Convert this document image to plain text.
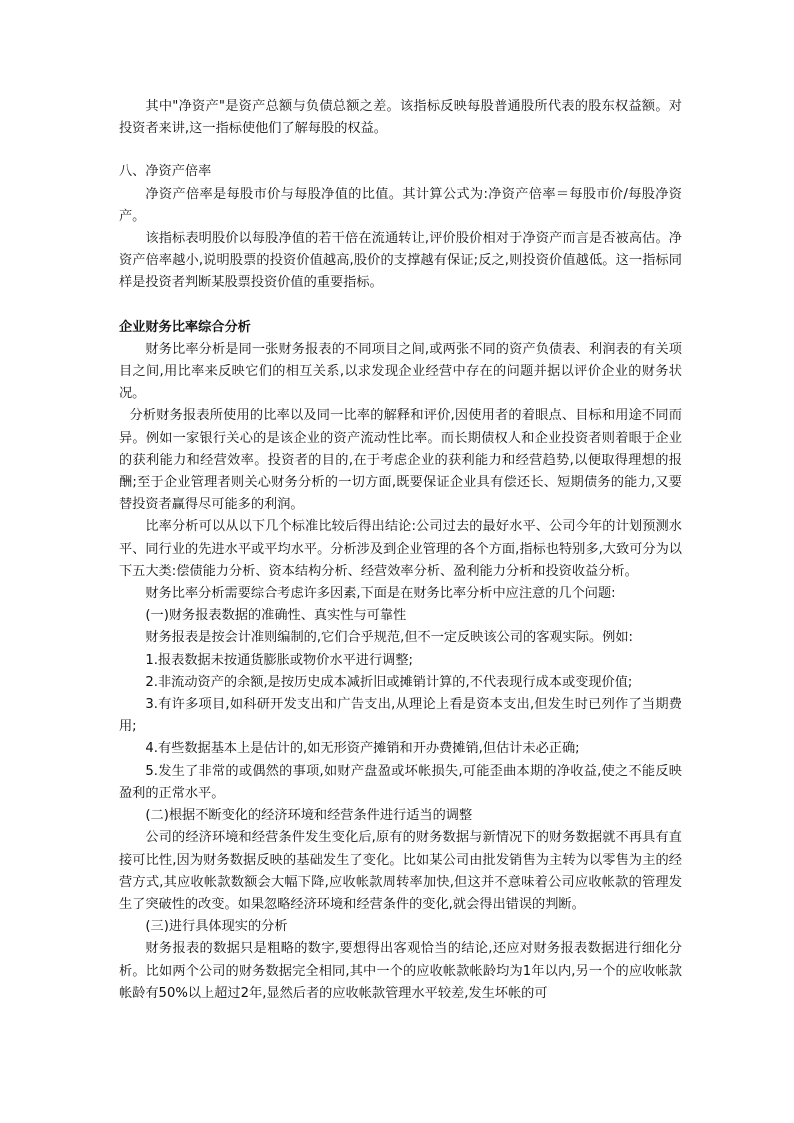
其中"净资产"是资产总额与负债总额之差。该指标反映每股普通股所代表的股东权益额。对投资者来讲,这一指标使他们了解每股的权益。

八、净资产倍率

净资产倍率是每股市价与每股净值的比值。其计算公式为:净资产倍率＝每股市价/每股净资产。

该指标表明股价以每股净值的若干倍在流通转让,评价股价相对于净资产而言是否被高估。净资产倍率越小,说明股票的投资价值越高,股价的支撑越有保证;反之,则投资价值越低。这一指标同样是投资者判断某股票投资价值的重要指标。

企业财务比率综合分析

财务比率分析是同一张财务报表的不同项目之间,或两张不同的资产负债表、利润表的有关项目之间,用比率来反映它们的相互关系,以求发现企业经营中存在的问题并据以评价企业的财务状况。

分析财务报表所使用的比率以及同一比率的解释和评价,因使用者的着眼点、目标和用途不同而异。例如一家银行关心的是该企业的资产流动性比率。而长期债权人和企业投资者则着眼于企业的获利能力和经营效率。投资者的目的,在于考虑企业的获利能力和经营趋势,以便取得理想的报酬;至于企业管理者则关心财务分析的一切方面,既要保证企业具有偿还长、短期债务的能力,又要替投资者赢得尽可能多的利润。

比率分析可以从以下几个标准比较后得出结论:公司过去的最好水平、公司今年的计划预测水平、同行业的先进水平或平均水平。分析涉及到企业管理的各个方面,指标也特别多,大致可分为以下五大类:偿债能力分析、资本结构分析、经营效率分析、盈利能力分析和投资收益分析。

财务比率分析需要综合考虑许多因素,下面是在财务比率分析中应注意的几个问题:

(一)财务报表数据的准确性、真实性与可靠性

财务报表是按会计准则编制的,它们合乎规范,但不一定反映该公司的客观实际。例如:

1.报表数据未按通货膨胀或物价水平进行调整;

2.非流动资产的余额,是按历史成本减折旧或摊销计算的,不代表现行成本或变现价值;

3.有许多项目,如科研开发支出和广告支出,从理论上看是资本支出,但发生时已列作了当期费用;

4.有些数据基本上是估计的,如无形资产摊销和开办费摊销,但估计未必正确;

5.发生了非常的或偶然的事项,如财产盘盈或坏帐损失,可能歪曲本期的净收益,使之不能反映盈利的正常水平。

(二)根据不断变化的经济环境和经营条件进行适当的调整

公司的经济环境和经营条件发生变化后,原有的财务数据与新情况下的财务数据就不再具有直接可比性,因为财务数据反映的基础发生了变化。比如某公司由批发销售为主转为以零售为主的经营方式,其应收帐款数额会大幅下降,应收帐款周转率加快,但这并不意味着公司应收帐款的管理发生了突破性的改变。如果忽略经济环境和经营条件的变化,就会得出错误的判断。

(三)进行具体现实的分析

财务报表的数据只是粗略的数字,要想得出客观恰当的结论,还应对财务报表数据进行细化分析。比如两个公司的财务数据完全相同,其中一个的应收帐款帐龄均为1年以内,另一个的应收帐款帐龄有50%以上超过2年,显然后者的应收帐款管理水平较差,发生坏帐的可
